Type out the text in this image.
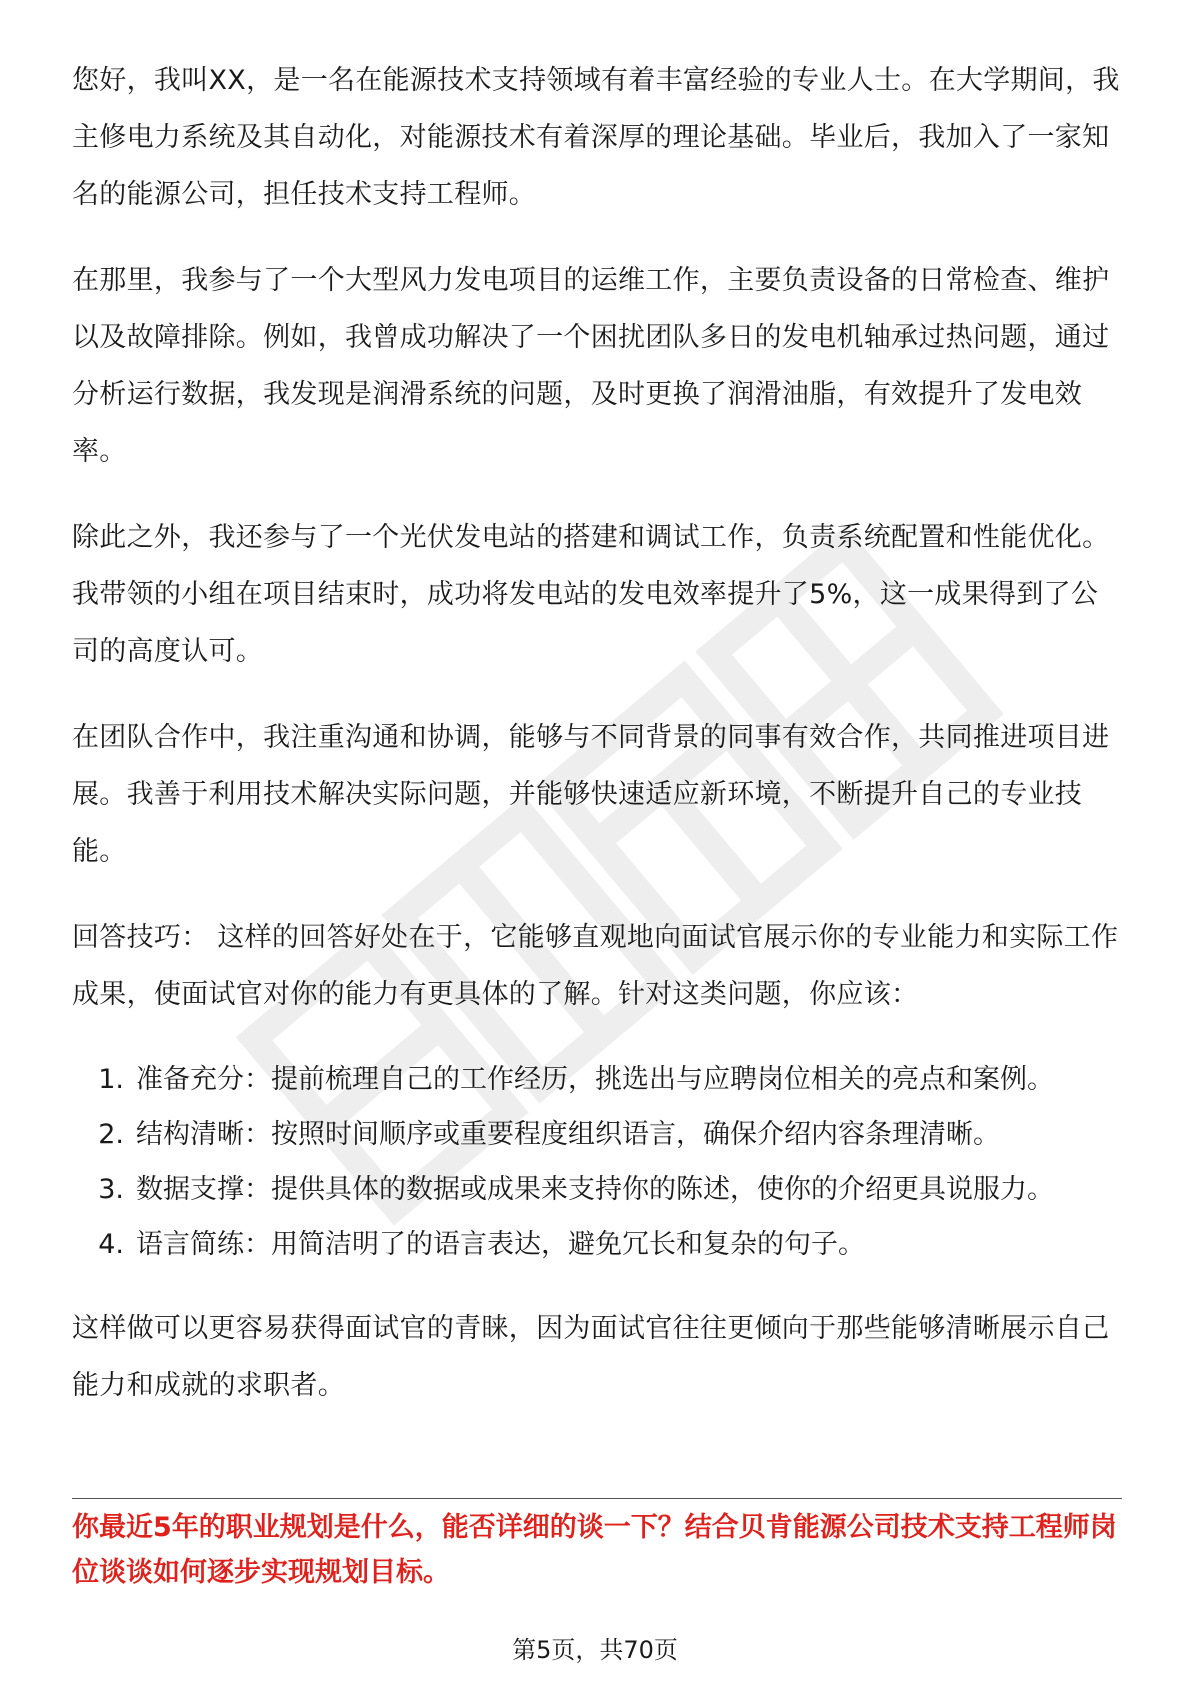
您好，我叫XX，是一名在能源技术支持领域有着丰富经验的专业人士。在大学期间，我主修电力系统及其自动化，对能源技术有着深厚的理论基础。毕业后，我加入了一家知名的能源公司，担任技术支持工程师。

在那里，我参与了一个大型风力发电项目的运维工作，主要负责设备的日常检查、维护以及故障排除。例如，我曾成功解决了一个困扰团队多日的发电机轴承过热问题，通过分析运行数据，我发现是润滑系统的问题，及时更换了润滑油脂，有效提升了发电效率。

除此之外，我还参与了一个光伏发电站的搭建和调试工作，负责系统配置和性能优化。我带领的小组在项目结束时，成功将发电站的发电效率提升了5%，这一成果得到了公司的高度认可。

在团队合作中，我注重沟通和协调，能够与不同背景的同事有效合作，共同推进项目进展。我善于利用技术解决实际问题，并能够快速适应新环境，不断提升自己的专业技能。

回答技巧： 这样的回答好处在于，它能够直观地向面试官展示你的专业能力和实际工作成果，使面试官对你的能力有更具体的了解。针对这类问题，你应该：

1. 准备充分：提前梳理自己的工作经历，挑选出与应聘岗位相关的亮点和案例。
2. 结构清晰：按照时间顺序或重要程度组织语言，确保介绍内容条理清晰。
3. 数据支撑：提供具体的数据或成果来支持你的陈述，使你的介绍更具说服力。
4. 语言简练：用简洁明了的语言表达，避免冗长和复杂的句子。

这样做可以更容易获得面试官的青睐，因为面试官往往更倾向于那些能够清晰展示自己能力和成就的求职者。

你最近5年的职业规划是什么，能否详细的谈一下？结合贝肯能源公司技术支持工程师岗位谈谈如何逐步实现规划目标。
第5页，共70页
